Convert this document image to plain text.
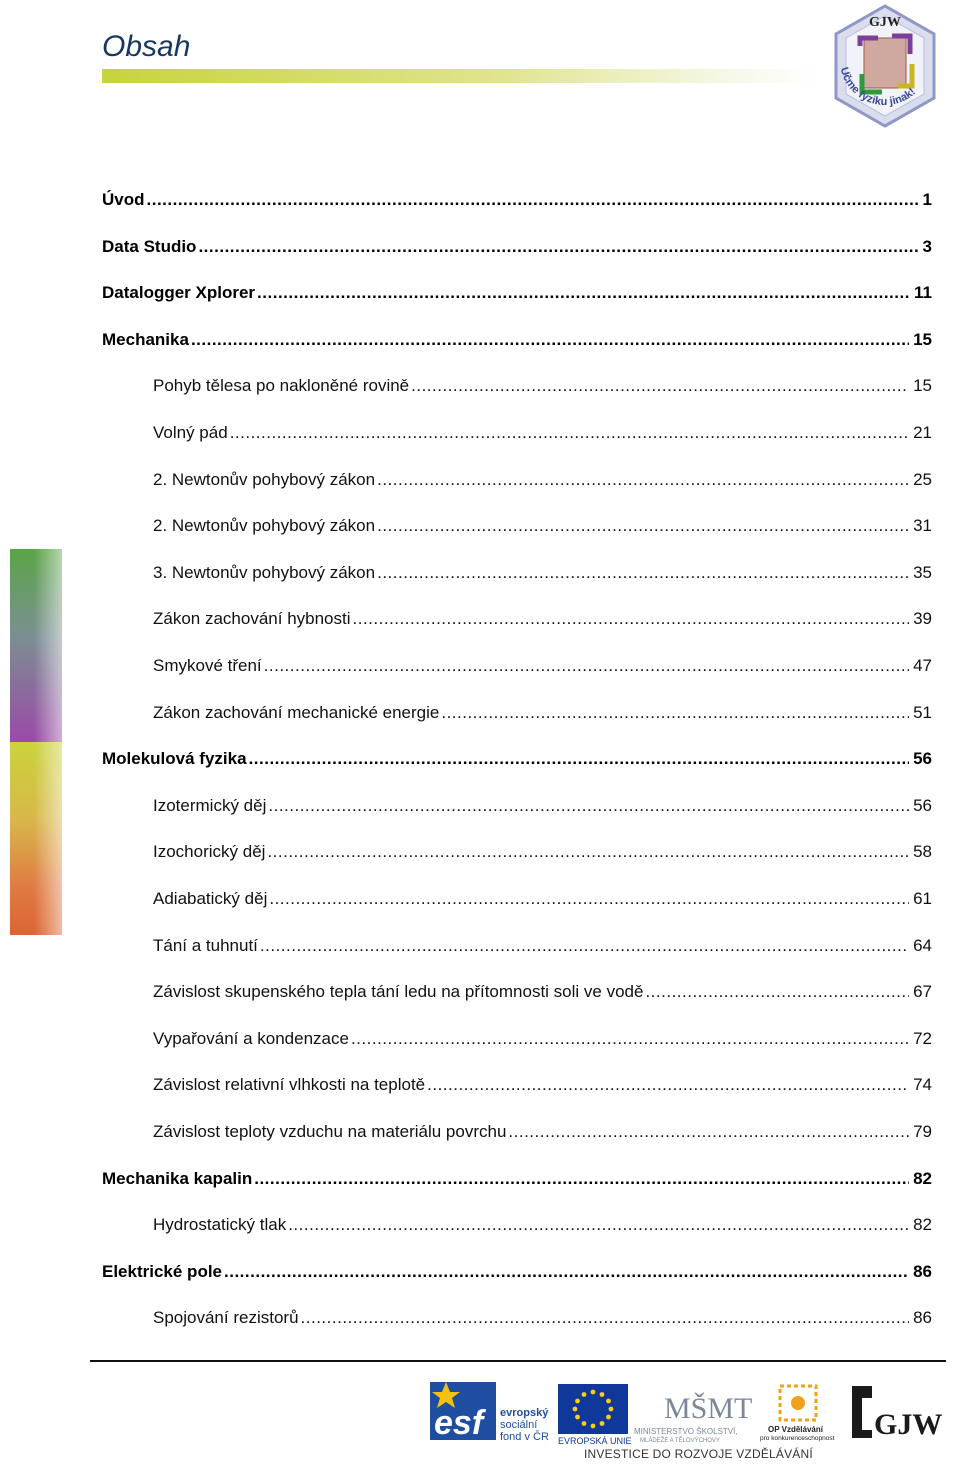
Obsah
GJW
Učme fyziku jinak!
Úvod .....	1
Data Studio .....	3
Datalogger Xplorer .....	11
Mechanika .....	15
Pohyb tělesa po nakloněné rovině .....	15
Volný pád .....	21
2. Newtonův pohybový zákon .....	25
2. Newtonův pohybový zákon .....	31
3. Newtonův pohybový zákon .....	35
Zákon zachování hybnosti .....	39
Smykové tření .....	47
Zákon zachování mechanické energie .....	51
Molekulová fyzika .....	56
Izotermický děj .....	56
Izochorický děj .....	58
Adiabatický děj .....	61
Tání a tuhnutí .....	64
Závislost skupenského tepla tání ledu na přítomnosti soli ve vodě .....	67
Vypařování a kondenzace .....	72
Závislost relativní vlhkosti na teplotě .....	74
Závislost teploty vzduchu na materiálu povrchu .....	79
Mechanika kapalin .....	82
Hydrostatický tlak .....	82
Elektrické pole .....	86
Spojování rezistorů .....	86
esf	evropský
sociální
fond v ČR EVROPSKÁ UNIE
MŠMT
MINISTERSTVO ŠKOLSTVÍ,
MLÁDEŽE A TĚLOVÝCHOVY
OP Vzdělávání
pro konkurenceschopnost GJW
INVESTICE DO ROZVOJE VZDĚLÁVÁNÍ
